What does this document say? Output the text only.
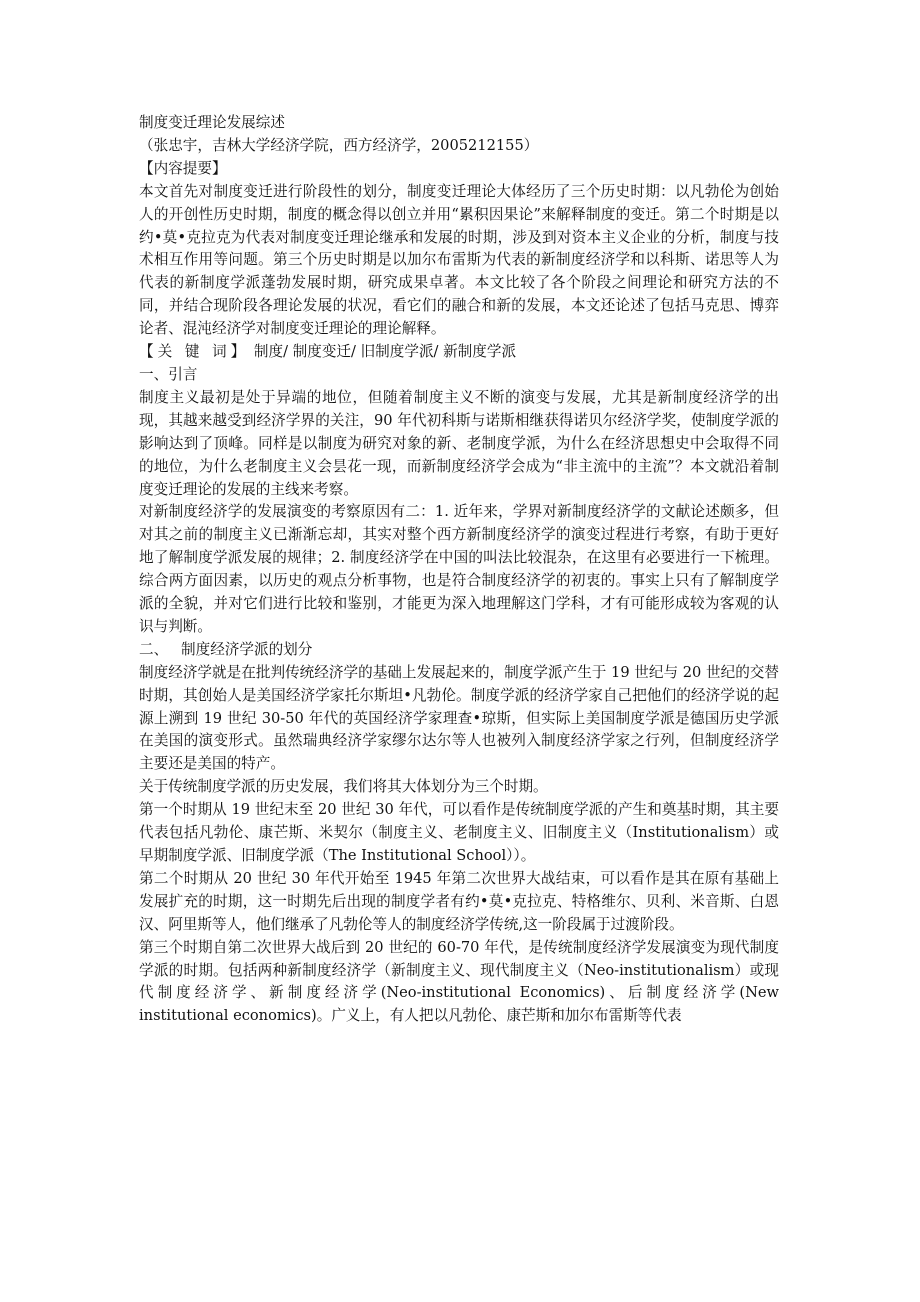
制度变迁理论发展综述

（张忠宇，吉林大学经济学院，西方经济学，2005212155）

【内容提要】

本文首先对制度变迁进行阶段性的划分，制度变迁理论大体经历了三个历史时期：以凡勃伦为创始人的开创性历史时期，制度的概念得以创立并用“累积因果论”来解释制度的变迁。第二个时期是以约•莫•克拉克为代表对制度变迁理论继承和发展的时期，涉及到对资本主义企业的分析，制度与技术相互作用等问题。第三个历史时期是以加尔布雷斯为代表的新制度经济学和以科斯、诺思等人为代表的新制度学派蓬勃发展时期，研究成果卓著。本文比较了各个阶段之间理论和研究方法的不同，并结合现阶段各理论发展的状况，看它们的融合和新的发展，本文还论述了包括马克思、博弈论者、混沌经济学对制度变迁理论的理论解释。

【关 键 词】 制度/ 制度变迁/ 旧制度学派/ 新制度学派

一、引言

制度主义最初是处于异端的地位，但随着制度主义不断的演变与发展，尤其是新制度经济学的出现，其越来越受到经济学界的关注，90 年代初科斯与诺斯相继获得诺贝尔经济学奖，使制度学派的影响达到了顶峰。同样是以制度为研究对象的新、老制度学派，为什么在经济思想史中会取得不同的地位，为什么老制度主义会昙花一现，而新制度经济学会成为“非主流中的主流”？本文就沿着制度变迁理论的发展的主线来考察。

对新制度经济学的发展演变的考察原因有二：1. 近年来，学界对新制度经济学的文献论述颇多，但对其之前的制度主义已渐渐忘却，其实对整个西方新制度经济学的演变过程进行考察，有助于更好地了解制度学派发展的规律；2. 制度经济学在中国的叫法比较混杂，在这里有必要进行一下梳理。综合两方面因素，以历史的观点分析事物，也是符合制度经济学的初衷的。事实上只有了解制度学派的全貌，并对它们进行比较和鉴别，才能更为深入地理解这门学科，才有可能形成较为客观的认识与判断。

二、 制度经济学派的划分

制度经济学就是在批判传统经济学的基础上发展起来的，制度学派产生于 19 世纪与 20 世纪的交替时期，其创始人是美国经济学家托尔斯坦•凡勃伦。制度学派的经济学家自己把他们的经济学说的起源上溯到 19 世纪 30-50 年代的英国经济学家理查•琼斯，但实际上美国制度学派是德国历史学派在美国的演变形式。虽然瑞典经济学家缪尔达尔等人也被列入制度经济学家之行列，但制度经济学主要还是美国的特产。

关于传统制度学派的历史发展，我们将其大体划分为三个时期。

第一个时期从 19 世纪末至 20 世纪 30 年代，可以看作是传统制度学派的产生和奠基时期，其主要代表包括凡勃伦、康芒斯、米契尔（制度主义、老制度主义、旧制度主义（Institutionalism）或早期制度学派、旧制度学派（The Institutional School））。

第二个时期从 20 世纪 30 年代开始至 1945 年第二次世界大战结束，可以看作是其在原有基础上发展扩充的时期，这一时期先后出现的制度学者有约•莫•克拉克、特格维尔、贝利、米音斯、白恩汉、阿里斯等人，他们继承了凡勃伦等人的制度经济学传统,这一阶段属于过渡阶段。

第三个时期自第二次世界大战后到 20 世纪的 60-70 年代，是传统制度经济学发展演变为现代制度学派的时期。包括两种新制度经济学（新制度主义、现代制度主义（Neo-institutionalism）或现代制度经济学、新制度经济学(Neo-institutional Economics)、后制度经济学(New institutional economics)。广义上，有人把以凡勃伦、康芒斯和加尔布雷斯等代表
